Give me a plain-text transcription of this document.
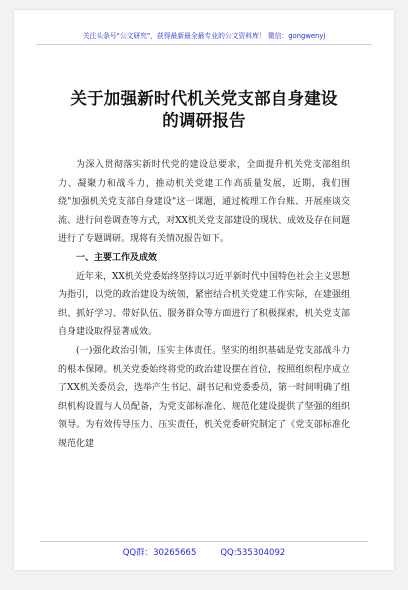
关注头条号"公文研究"，获得最新最全最专业的公文资料库！ 微信：gongwenyj
关于加强新时代机关党支部自身建设
的调研报告

为深入贯彻落实新时代党的建设总要求，全面提升机关党支部组织力、凝聚力和战斗力，推动机关党建工作高质量发展，近期，我们围绕"加强机关党支部自身建设"这一课题，通过梳理工作台账、开展座谈交流、进行问卷调查等方式，对XX机关党支部建设的现状、成效及存在问题进行了专题调研。现将有关情况报告如下。

一、主要工作及成效

近年来，XX机关党委始终坚持以习近平新时代中国特色社会主义思想为指引，以党的政治建设为统领，紧密结合机关党建工作实际，在建强组织、抓好学习、带好队伍、服务群众等方面进行了积极探索，机关党支部自身建设取得显著成效。

(一)强化政治引领，压实主体责任。坚实的组织基础是党支部战斗力的根本保障。机关党委始终将党的政治建设摆在首位，按照组织程序成立了XX机关委员会，选举产生书记、副书记和党委委员，第一时间明确了组织机构设置与人员配备，为党支部标准化、规范化建设提供了坚强的组织领导。为有效传导压力、压实责任，机关党委研究制定了《党支部标准化规范化建

QQ群：30265665	QQ:535304092
